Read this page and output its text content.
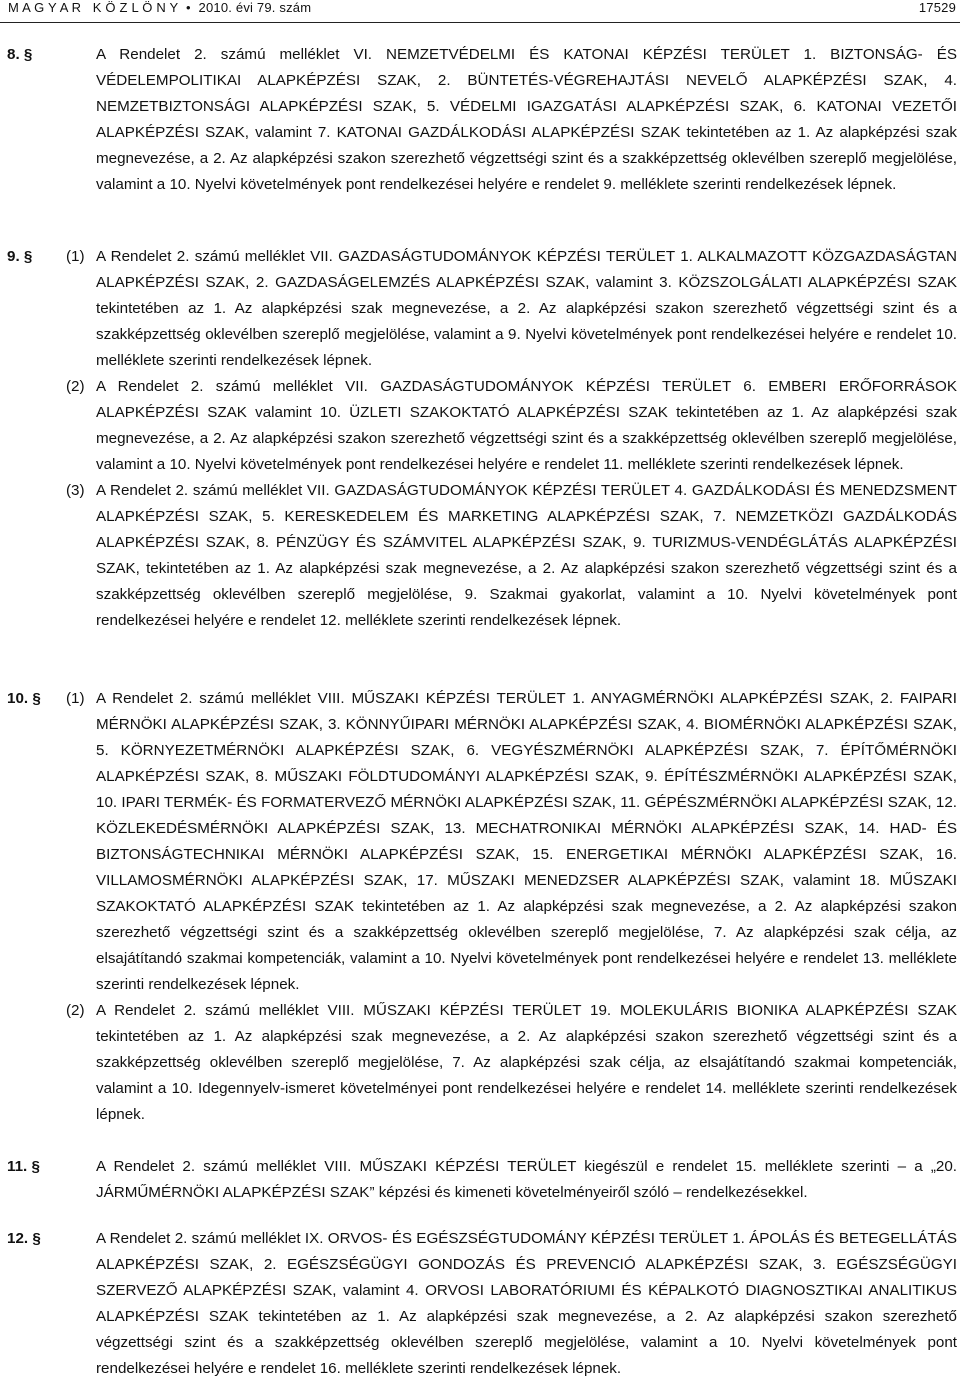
M A G Y A R   K Ö Z L Ö N Y • 2010. évi 79. szám	17529
8. §	A Rendelet 2. számú melléklet VI. NEMZETVÉDELMI ÉS KATONAI KÉPZÉSI TERÜLET 1. BIZTONSÁG- ÉS VÉDELEMPOLITIKAI ALAPKÉPZÉSI SZAK, 2. BÜNTETÉS-VÉGREHAJTÁSI NEVELŐ ALAPKÉPZÉSI SZAK, 4. NEMZETBIZTONSÁGI ALAPKÉPZÉSI SZAK, 5. VÉDELMI IGAZGATÁSI ALAPKÉPZÉSI SZAK, 6. KATONAI VEZETŐI ALAPKÉPZÉSI SZAK, valamint 7. KATONAI GAZDÁLKODÁSI ALAPKÉPZÉSI SZAK tekintetében az 1. Az alapképzési szak megnevezése, a 2. Az alapképzési szakon szerezhető végzettségi szint és a szakképzettség oklevélben szereplő megjelölése, valamint a 10. Nyelvi követelmények pont rendelkezései helyére e rendelet 9. melléklete szerinti rendelkezések lépnek.
9. § (1) A Rendelet 2. számú melléklet VII. GAZDASÁGTUDOMÁNYOK KÉPZÉSI TERÜLET 1. ALKALMAZOTT KÖZGAZDASÁGTAN ALAPKÉPZÉSI SZAK, 2. GAZDASÁGELEMZÉS ALAPKÉPZÉSI SZAK, valamint 3. KÖZSZOLGÁLATI ALAPKÉPZÉSI SZAK tekintetében az 1. Az alapképzési szak megnevezése, a 2. Az alapképzési szakon szerezhető végzettségi szint és a szakképzettség oklevélben szereplő megjelölése, valamint a 9. Nyelvi követelmények pont rendelkezései helyére e rendelet 10. melléklete szerinti rendelkezések lépnek.
(2) A Rendelet 2. számú melléklet VII. GAZDASÁGTUDOMÁNYOK KÉPZÉSI TERÜLET 6. EMBERI ERŐFORRÁSOK ALAPKÉPZÉSI SZAK valamint 10. ÜZLETI SZAKOKTATÓ ALAPKÉPZÉSI SZAK tekintetében az 1. Az alapképzési szak megnevezése, a 2. Az alapképzési szakon szerezhető végzettségi szint és a szakképzettség oklevélben szereplő megjelölése, valamint a 10. Nyelvi követelmények pont rendelkezései helyére e rendelet 11. melléklete szerinti rendelkezések lépnek.
(3) A Rendelet 2. számú melléklet VII. GAZDASÁGTUDOMÁNYOK KÉPZÉSI TERÜLET 4. GAZDÁLKODÁSI ÉS MENEDZSMENT ALAPKÉPZÉSI SZAK, 5. KERESKEDELEM ÉS MARKETING ALAPKÉPZÉSI SZAK, 7. NEMZETKÖZI GAZDÁLKODÁS ALAPKÉPZÉSI SZAK, 8. PÉNZÜGY ÉS SZÁMVITEL ALAPKÉPZÉSI SZAK, 9. TURIZMUS-VENDÉGLÁTÁS ALAPKÉPZÉSI SZAK, tekintetében az 1. Az alapképzési szak megnevezése, a 2. Az alapképzési szakon szerezhető végzettségi szint és a szakképzettség oklevélben szereplő megjelölése, 9. Szakmai gyakorlat, valamint a 10. Nyelvi követelmények pont rendelkezései helyére e rendelet 12. melléklete szerinti rendelkezések lépnek.
10. § (1) A Rendelet 2. számú melléklet VIII. MŰSZAKI KÉPZÉSI TERÜLET 1. ANYAGMÉRNÖKI ALAPKÉPZÉSI SZAK, 2. FAIPARI MÉRNÖKI ALAPKÉPZÉSI SZAK, 3. KÖNNYŰIPARI MÉRNÖKI ALAPKÉPZÉSI SZAK, 4. BIOMÉRNÖKI ALAPKÉPZÉSI SZAK, 5. KÖRNYEZETMÉRNÖKI ALAPKÉPZÉSI SZAK, 6. VEGYÉSZMÉRNÖKI ALAPKÉPZÉSI SZAK, 7. ÉPÍTŐMÉRNÖKI ALAPKÉPZÉSI SZAK, 8. MŰSZAKI FÖLDTUDOMÁNYI ALAPKÉPZÉSI SZAK, 9. ÉPÍTÉSZMÉRNÖKI ALAPKÉPZÉSI SZAK, 10. IPARI TERMÉK- ÉS FORMATERVEZŐ MÉRNÖKI ALAPKÉPZÉSI SZAK, 11. GÉPÉSZMÉRNÖKI ALAPKÉPZÉSI SZAK, 12. KÖZLEKEDÉSMÉRNÖKI ALAPKÉPZÉSI SZAK, 13. MECHATRONIKAI MÉRNÖKI ALAPKÉPZÉSI SZAK, 14. HAD- ÉS BIZTONSÁGTECHNIKAI MÉRNÖKI ALAPKÉPZÉSI SZAK, 15. ENERGETIKAI MÉRNÖKI ALAPKÉPZÉSI SZAK, 16. VILLAMOSMÉRNÖKI ALAPKÉPZÉSI SZAK, 17. MŰSZAKI MENEDZSER ALAPKÉPZÉSI SZAK, valamint 18. MŰSZAKI SZAKOKTATÓ ALAPKÉPZÉSI SZAK tekintetében az 1. Az alapképzési szak megnevezése, a 2. Az alapképzési szakon szerezhető végzettségi szint és a szakképzettség oklevélben szereplő megjelölése, 7. Az alapképzési szak célja, az elsajátítandó szakmai kompetenciák, valamint a 10. Nyelvi követelmények pont rendelkezései helyére e rendelet 13. melléklete szerinti rendelkezések lépnek.
(2) A Rendelet 2. számú melléklet VIII. MŰSZAKI KÉPZÉSI TERÜLET 19. MOLEKULÁRIS BIONIKA ALAPKÉPZÉSI SZAK tekintetében az 1. Az alapképzési szak megnevezése, a 2. Az alapképzési szakon szerezhető végzettségi szint és a szakképzettség oklevélben szereplő megjelölése, 7. Az alapképzési szak célja, az elsajátítandó szakmai kompetenciák, valamint a 10. Idegennyelv-ismeret követelményei pont rendelkezései helyére e rendelet 14. melléklete szerinti rendelkezések lépnek.
11. §	A Rendelet 2. számú melléklet VIII. MŰSZAKI KÉPZÉSI TERÜLET kiegészül e rendelet 15. melléklete szerinti – a „20. JÁRMŰMÉRNÖKI ALAPKÉPZÉSI SZAK” képzési és kimeneti követelményeiről szóló – rendelkezésekkel.
12. §	A Rendelet 2. számú melléklet IX. ORVOS- ÉS EGÉSZSÉGTUDOMÁNY KÉPZÉSI TERÜLET 1. ÁPOLÁS ÉS BETEGELLÁTÁS ALAPKÉPZÉSI SZAK, 2. EGÉSZSÉGÜGYI GONDOZÁS ÉS PREVENCIÓ ALAPKÉPZÉSI SZAK, 3. EGÉSZSÉGÜGYI SZERVEZŐ ALAPKÉPZÉSI SZAK, valamint 4. ORVOSI LABORATÓRIUMI ÉS KÉPALKOTÓ DIAGNOSZTIKAI ANALITIKUS ALAPKÉPZÉSI SZAK tekintetében az 1. Az alapképzési szak megnevezése, a 2. Az alapképzési szakon szerezhető végzettségi szint és a szakképzettség oklevélben szereplő megjelölése, valamint a 10. Nyelvi követelmények pont rendelkezései helyére e rendelet 16. melléklete szerinti rendelkezések lépnek.
